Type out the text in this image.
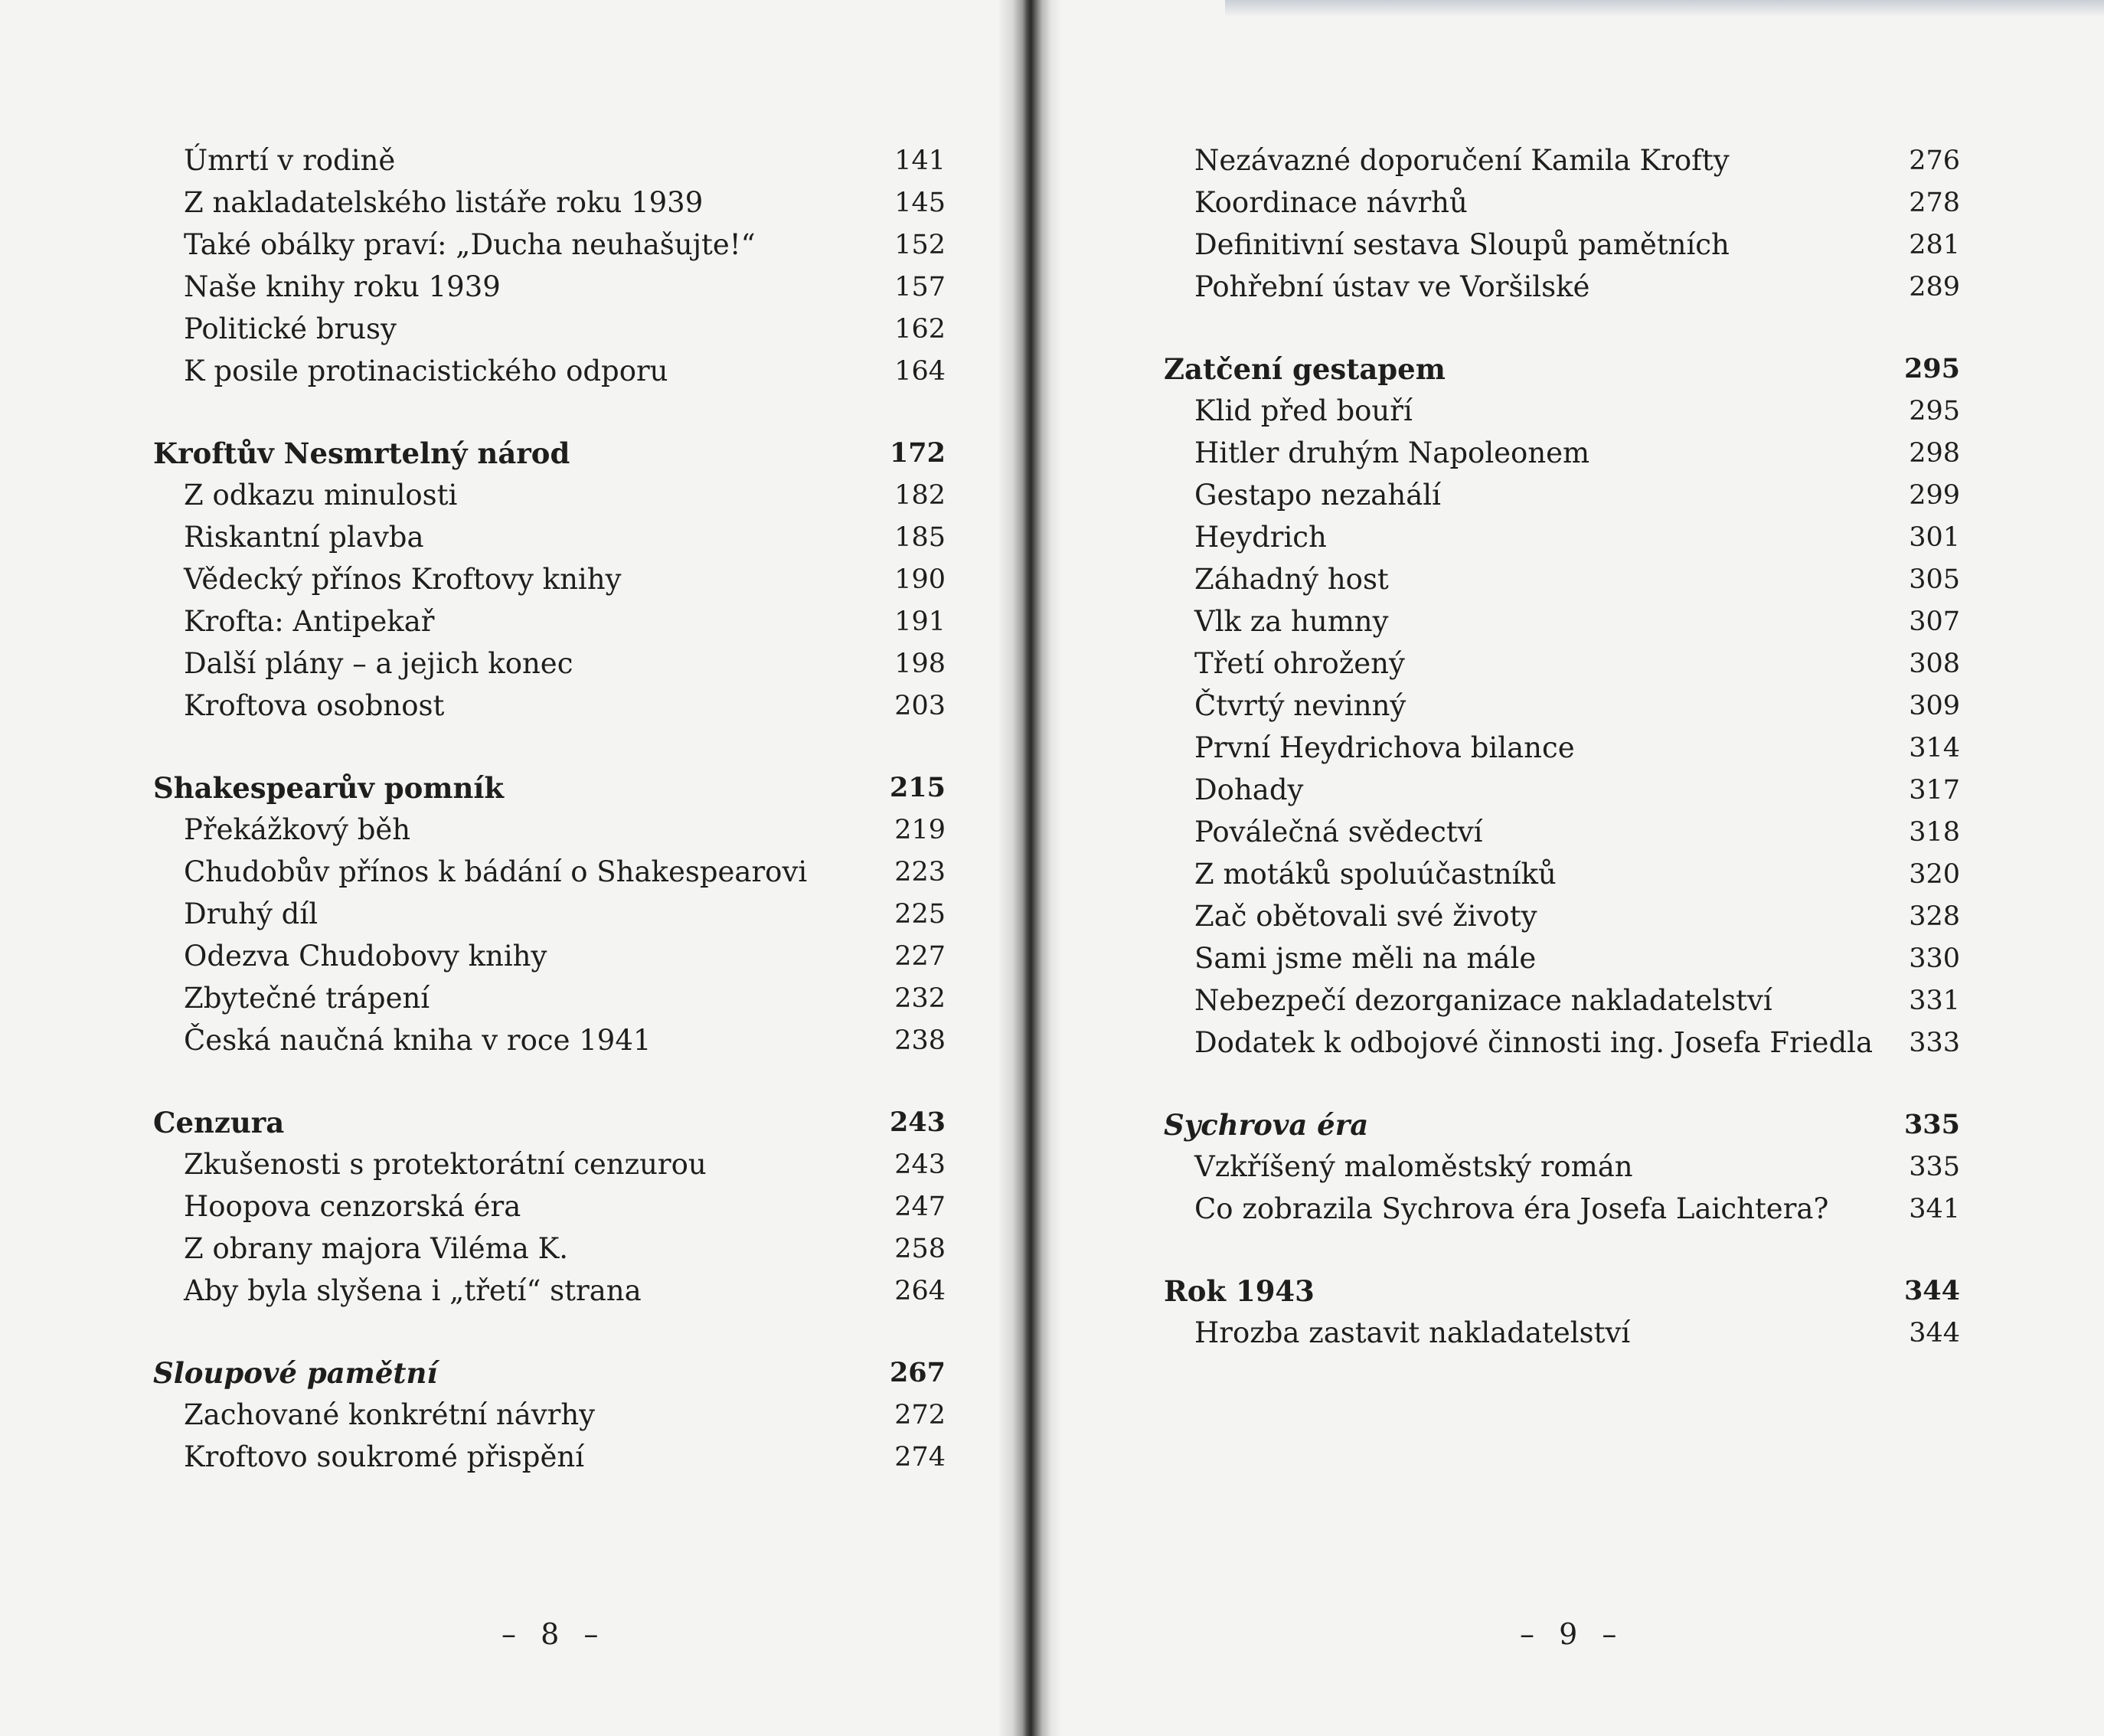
Úmrtí v rodině	141
Z nakladatelského listáře roku 1939	145
Také obálky praví: „Ducha neuhašujte!“	152
Naše knihy roku 1939	157
Politické brusy	162
K posile protinacistického odporu	164
Kroftův Nesmrtelný národ	172
Z odkazu minulosti	182
Riskantní plavba	185
Vědecký přínos Kroftovy knihy	190
Krofta: Antipekař	191
Další plány – a jejich konec	198
Kroftova osobnost	203
Shakespearův pomník	215
Překážkový běh	219
Chudobův přínos k bádání o Shakespearovi	223
Druhý díl	225
Odezva Chudobovy knihy	227
Zbytečné trápení	232
Česká naučná kniha v roce 1941	238
Cenzura	243
Zkušenosti s protektorátní cenzurou	243
Hoopova cenzorská éra	247
Z obrany majora Viléma K.	258
Aby byla slyšena i „třetí“ strana	264
Sloupové pamětní	267
Zachované konkrétní návrhy	272
Kroftovo soukromé přispění	274
Nezávazné doporučení Kamila Krofty	276
Koordinace návrhů	278
Definitivní sestava Sloupů pamětních	281
Pohřební ústav ve Voršilské	289
Zatčení gestapem	295
Klid před bouří	295
Hitler druhým Napoleonem	298
Gestapo nezahálí	299
Heydrich	301
Záhadný host	305
Vlk za humny	307
Třetí ohrožený	308
Čtvrtý nevinný	309
První Heydrichova bilance	314
Dohady	317
Poválečná svědectví	318
Z motáků spoluúčastníků	320
Zač obětovali své životy	328
Sami jsme měli na mále	330
Nebezpečí dezorganizace nakladatelství	331
Dodatek k odbojové činnosti ing. Josefa Friedla 333
Sychrova éra	335
Vzkříšený maloměstský román	335
Co zobrazila Sychrova éra Josefa Laichtera?	341
Rok 1943	344
Hrozba zastavit nakladatelství	344
– 8 –	– 9 –
